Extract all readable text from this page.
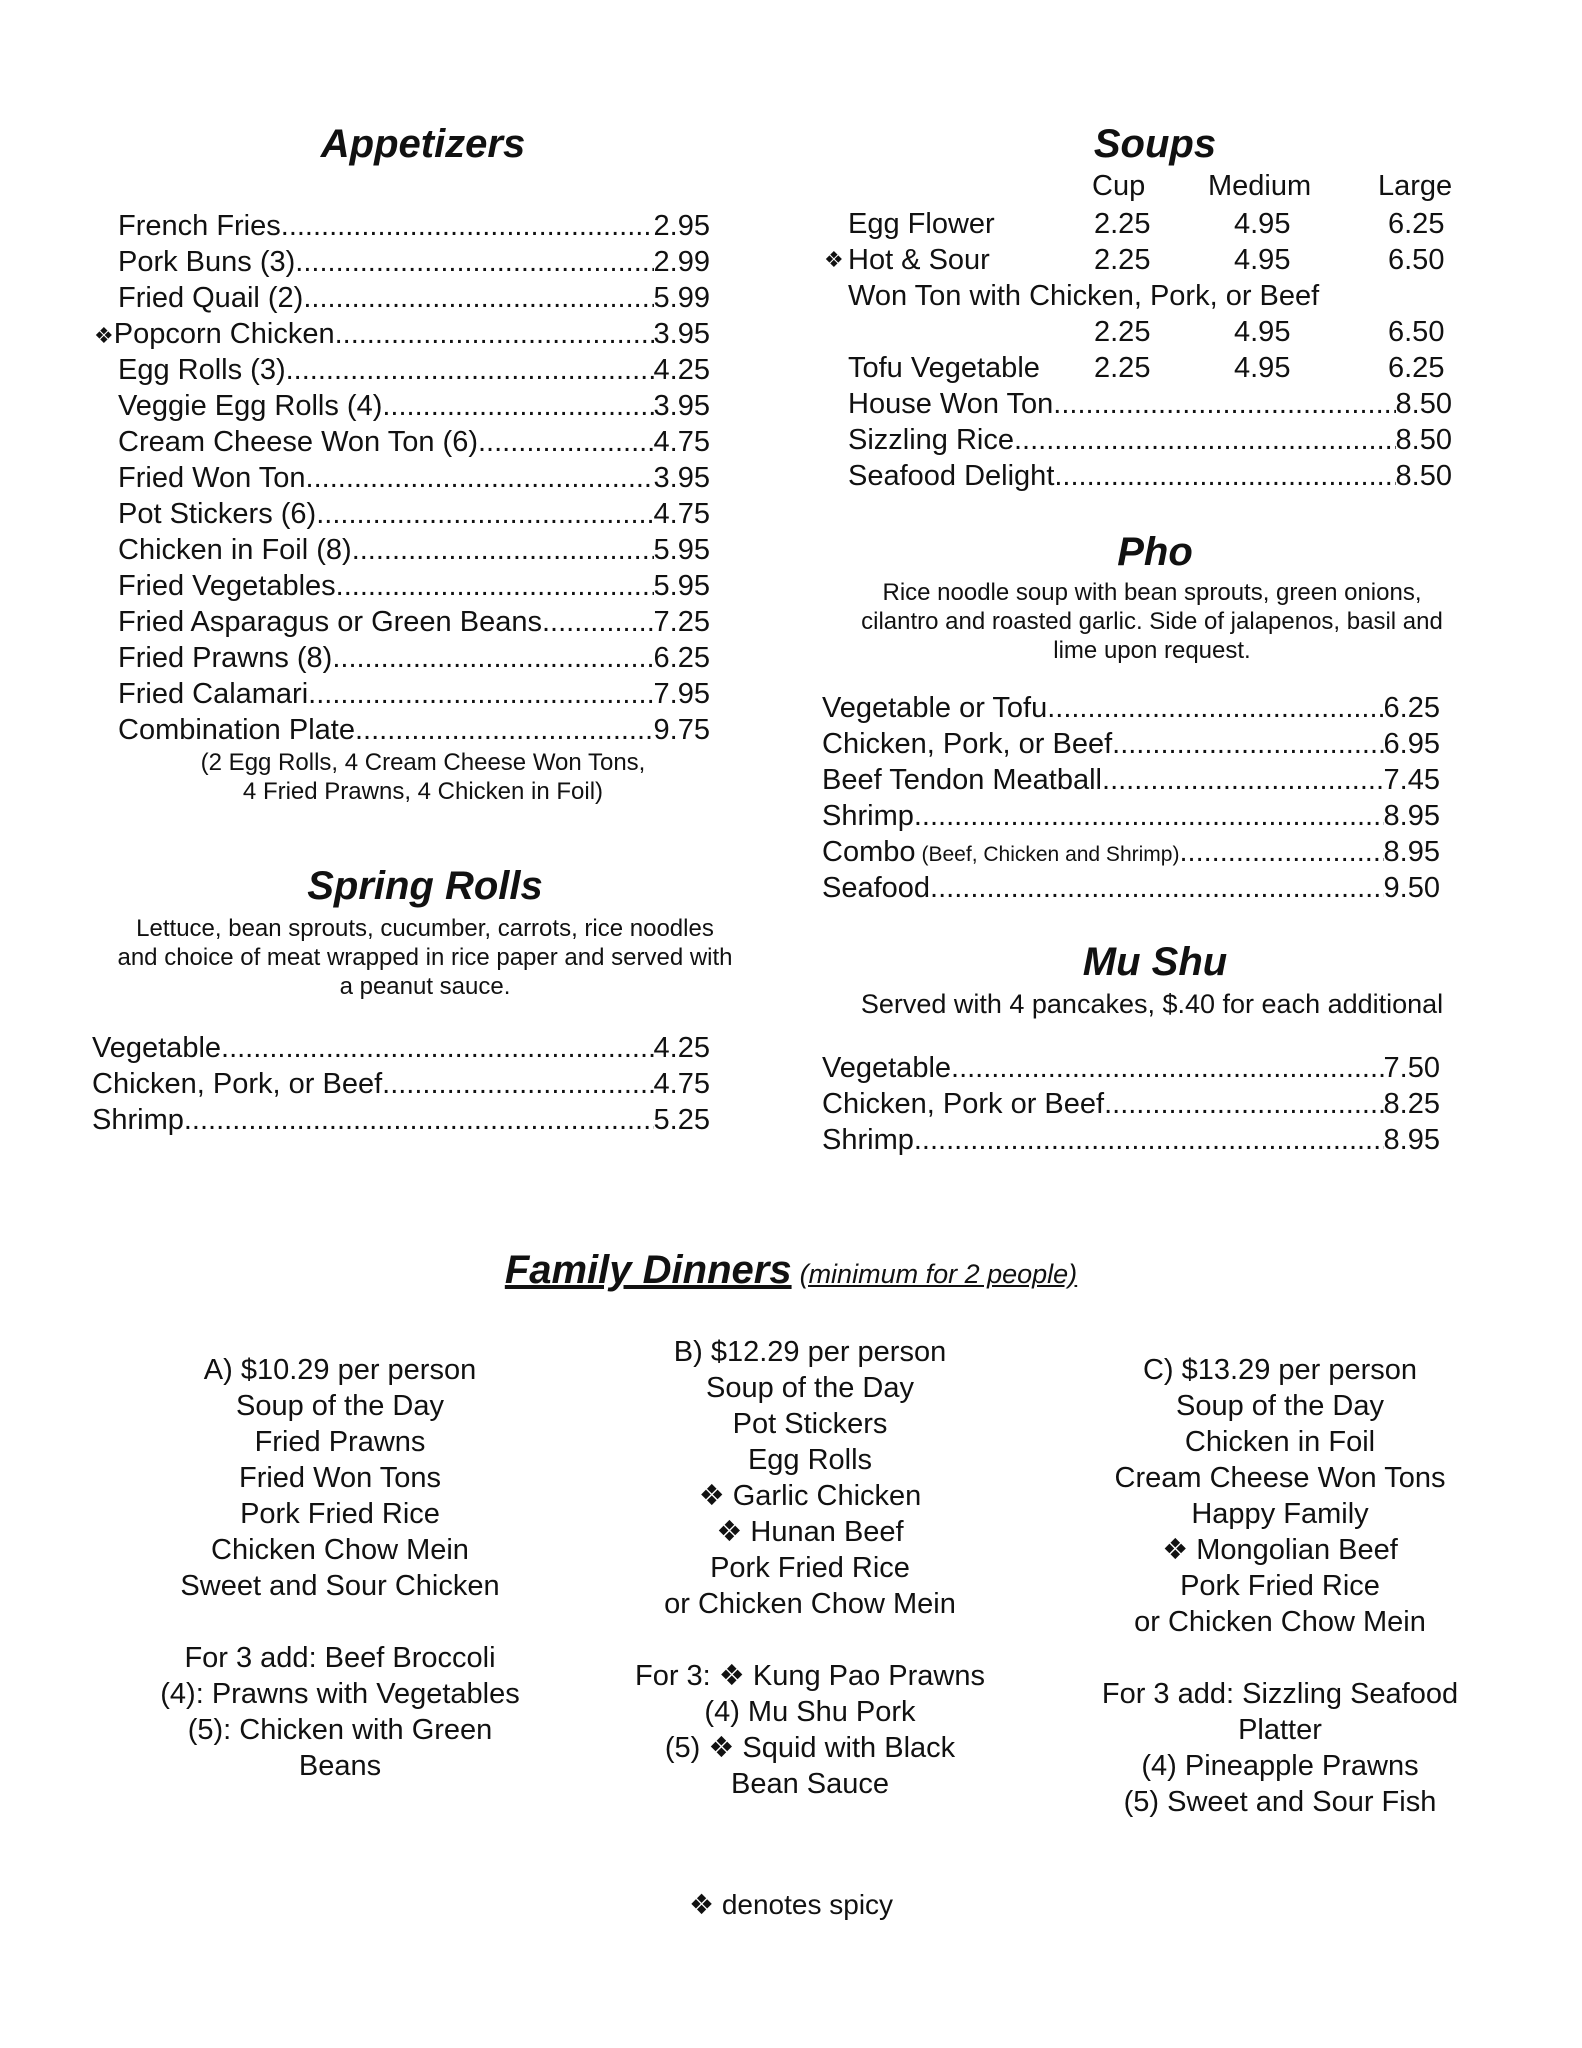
Appetizers
French Fries .....	2.95
Pork Buns (3) .....	2.99
Fried Quail (2) .....	5.99
❖ Popcorn Chicken .....	3.95
Egg Rolls (3) .....	4.25
Veggie Egg Rolls (4) .....	3.95
Cream Cheese Won Ton (6) .....	4.75
Fried Won Ton .....	3.95
Pot Stickers (6) .....	4.75
Chicken in Foil (8) .....	5.95
Fried Vegetables .....	5.95
Fried Asparagus or Green Beans .....	7.25
Fried Prawns (8) .....	6.25
Fried Calamari .....	7.95
Combination Plate .....	9.75
(2 Egg Rolls, 4 Cream Cheese Won Tons,
4 Fried Prawns, 4 Chicken in Foil)
Spring Rolls
Lettuce, bean sprouts, cucumber, carrots, rice noodles
and choice of meat wrapped in rice paper and served with
a peanut sauce.
Vegetable .....	4.25
Chicken, Pork, or Beef .....	4.75
Shrimp .....	5.25
Soups
Cup Medium Large
Egg Flower	2.25	4.95	6.25
❖ Hot & Sour	2.25	4.95	6.50
Won Ton with Chicken, Pork, or Beef
2.25	4.95	6.50
Tofu Vegetable 2.25	4.95	6.25
House Won Ton .....	8.50
Sizzling Rice .....	8.50
Seafood Delight .....	8.50
Pho
Rice noodle soup with bean sprouts, green onions,
cilantro and roasted garlic. Side of jalapenos, basil and
lime upon request.
Vegetable or Tofu .....	6.25
Chicken, Pork, or Beef .....	6.95
Beef Tendon Meatball .....	7.45
Shrimp .....	8.95
Combo (Beef, Chicken and Shrimp) .....	8.95
Seafood .....	9.50
Mu Shu
Served with 4 pancakes, $.40 for each additional
Vegetable .....	7.50
Chicken, Pork or Beef .....	8.25
Shrimp .....	8.95
Family Dinners (minimum for 2 people)
A) $10.29 per person
Soup of the Day
Fried Prawns
Fried Won Tons
Pork Fried Rice
Chicken Chow Mein
Sweet and Sour Chicken
For 3 add: Beef Broccoli
(4): Prawns with Vegetables
(5): Chicken with Green
Beans
B) $12.29 per person
Soup of the Day
Pot Stickers
Egg Rolls
❖ Garlic Chicken
❖ Hunan Beef
Pork Fried Rice
or Chicken Chow Mein
For 3: ❖ Kung Pao Prawns
(4) Mu Shu Pork
(5) ❖ Squid with Black
Bean Sauce
C) $13.29 per person
Soup of the Day
Chicken in Foil
Cream Cheese Won Tons
Happy Family
❖ Mongolian Beef
Pork Fried Rice
or Chicken Chow Mein
For 3 add: Sizzling Seafood
Platter
(4) Pineapple Prawns
(5) Sweet and Sour Fish
❖ denotes spicy
